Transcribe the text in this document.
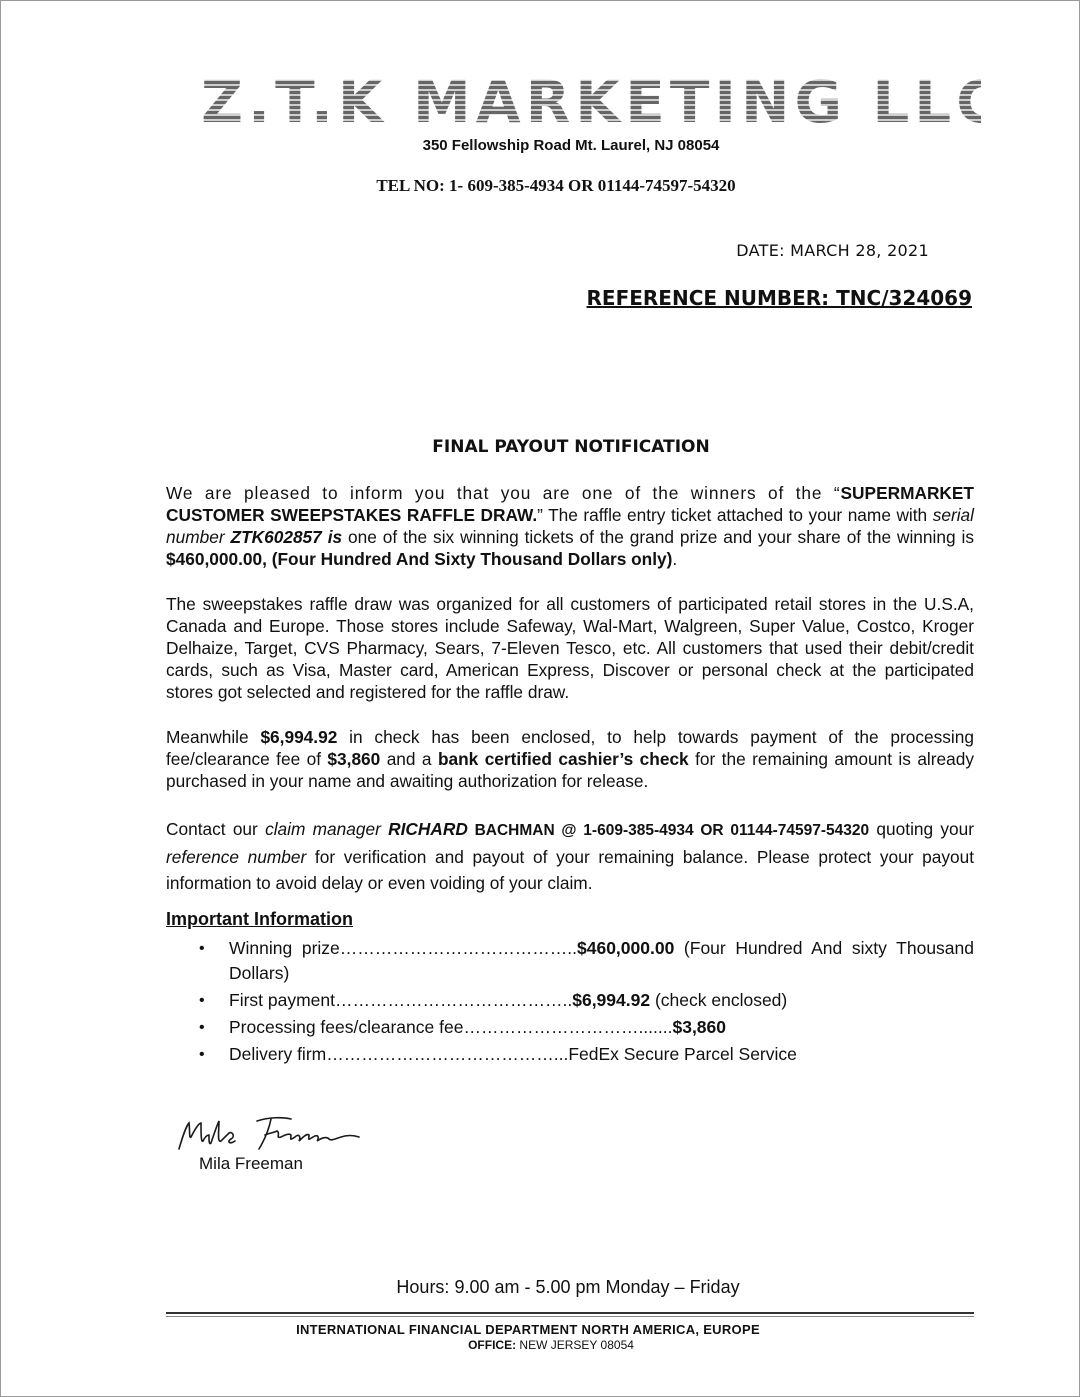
Z.T.K MARKETING LLC.
350 Fellowship Road Mt. Laurel, NJ 08054
TEL NO: 1- 609-385-4934 OR 01144-74597-54320
DATE: MARCH 28, 2021
REFERENCE NUMBER: TNC/324069
FINAL PAYOUT NOTIFICATION
We are pleased to inform you that you are one of the winners of the “SUPERMARKET CUSTOMER SWEEPSTAKES RAFFLE DRAW.” The raffle entry ticket attached to your name with serial number ZTK602857 is one of the six winning tickets of the grand prize and your share of the winning is $460,000.00, (Four Hundred And Sixty Thousand Dollars only).
The sweepstakes raffle draw was organized for all customers of participated retail stores in the U.S.A, Canada and Europe. Those stores include Safeway, Wal-Mart, Walgreen, Super Value, Costco, Kroger Delhaize, Target, CVS Pharmacy, Sears, 7-Eleven Tesco, etc. All customers that used their debit/credit cards, such as Visa, Master card, American Express, Discover or personal check at the participated stores got selected and registered for the raffle draw.
Meanwhile $6,994.92 in check has been enclosed, to help towards payment of the processing fee/clearance fee of $3,860 and a bank certified cashier’s check for the remaining amount is already purchased in your name and awaiting authorization for release.
Contact our claim manager RICHARD BACHMAN @ 1-609-385-4934 OR 01144-74597-54320 quoting your reference number for verification and payout of your remaining balance. Please protect your payout information to avoid delay or even voiding of your claim.
Important Information
• Winning prize…………………………………..$460,000.00 (Four Hundred And sixty Thousand Dollars)
• First payment…………………………………..$6,994.92 (check enclosed)
• Processing fees/clearance fee………………………….......$3,860
• Delivery firm…………………………………...FedEx Secure Parcel Service
Mila Freeman
Hours: 9.00 am - 5.00 pm Monday – Friday
INTERNATIONAL FINANCIAL DEPARTMENT NORTH AMERICA, EUROPE
OFFICE: NEW JERSEY 08054
